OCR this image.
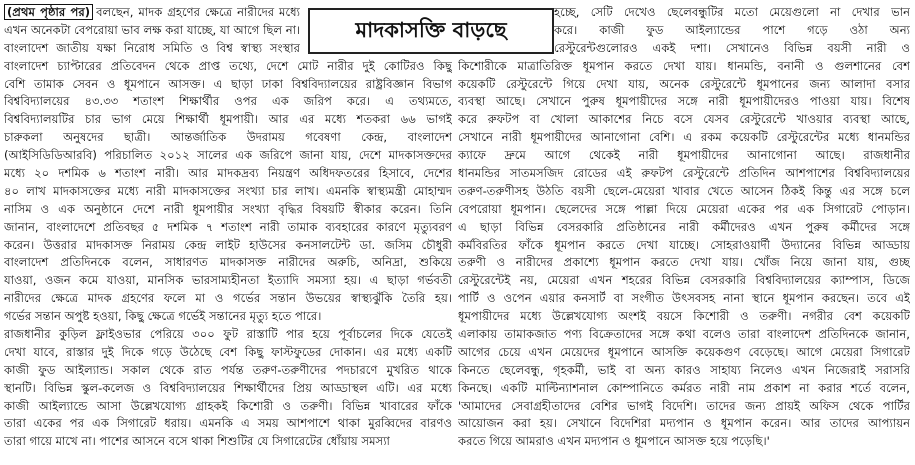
মাদকাসক্তি বাড়ছে
(প্রথম পৃষ্ঠার পর) বলছেন, মাদক গ্রহণের ক্ষেত্রে নারীদের মধ্যে
এখন অনেকটা বেপরোয়া ভাব লক্ষ করা যাচ্ছে, যা আগে ছিল না।
বাংলাদেশ জাতীয় যক্ষা নিরোধ সমিতি ও বিশ্ব স্বাস্থ্য সংস্থার
বাংলাদেশ চ্যাপ্টারের প্রতিবেদন থেকে প্রাপ্ত তথ্যে, দেশে মোট নারীর দুই কোটিরও কিছু
বেশি তামাক সেবন ও ধূমপানে আসক্ত। এ ছাড়া ঢাকা বিশ্ববিদ্যালয়ের রাষ্ট্রবিজ্ঞান বিভাগ
বিশ্ববিদ্যালয়ের ৪৩.৩৩ শতাংশ শিক্ষার্থীর ওপর এক জরিপ করে। এ তথ্যমতে,
বিশ্ববিদ্যালয়টির চার ভাগ মেয়ে শিক্ষার্থী ধূমপায়ী। আর এর মধ্যে শতকরা ৬৬ ভাগই
চারুকলা অনুষদের ছাত্রী। আন্তর্জাতিক উদরাময় গবেষণা কেন্দ্র, বাংলাদেশ
(আইসিডিডিআরবি) পরিচালিত ২০১২ সালের এক জরিপে জানা যায়, দেশে মাদকাসক্তদের
মধ্যে ২০ দশমিক ৬ শতাংশ নারী। আর মাদকদ্রব্য নিয়ন্ত্রণ অধিদফতরের হিসাবে, দেশের
৪০ লাখ মাদকাসক্তের মধ্যে নারী মাদকাসক্তের সংখ্যা চার লাখ। এমনকি স্বাস্থ্যমন্ত্রী মোহাম্মদ
নাসিম ও এক অনুষ্ঠানে দেশে নারী ধূমপায়ীর সংখ্যা বৃদ্ধির বিষয়টি স্বীকার করেন। তিনি
জানান, বাংলাদেশে প্রতিবছর ৫ দশমিক ৭ শতাংশ নারী তামাক ব্যবহারের কারণে মৃত্যুবরণ
করেন। উত্তরার মাদকাসক্ত নিরাময় কেন্দ্র লাইট হাউসের কনসালটেন্ট ডা. জসিম চৌধুরী
বাংলাদেশ প্রতিদিনকে বলেন, সাধারণত মাদকাসক্ত নারীদের অরুচি, অনিদ্রা, শুকিয়ে
যাওয়া, ওজন কমে যাওয়া, মানসিক ভারসাম্যহীনতা ইত্যাদি সমস্যা হয়। এ ছাড়া গর্ভবতী
নারীদের ক্ষেত্রে মাদক গ্রহণের ফলে মা ও গর্ভের সন্তান উভয়ের স্বাস্থ্যঝুঁকি তৈরি হয়।
গর্ভের সন্তান অপুষ্ট হওয়া, কিছু ক্ষেত্রে গর্ভেই সন্তানের মৃত্যু হতে পারে।
রাজধানীর কুড়িল ফ্লাইওভার পেরিয়ে ৩০০ ফুট রাস্তাটি পার হয়ে পূর্বাচলের দিকে যেতেই
দেখা যাবে, রাস্তার দুই দিকে গড়ে উঠেছে বেশ কিছু ফাস্টফুডের দোকান। এর মধ্যে একটি
কাজী ফুড আইল্যান্ড। সকাল থেকে রাত পর্যন্ত তরুণ-তরুণীদের পদচারণে মুখরিত থাকে
স্থানটি। বিভিন্ন স্কুল-কলেজ ও বিশ্ববিদ্যালয়ের শিক্ষার্থীদের প্রিয় আড্ডাস্থল এটি। এর মধ্যে
কাজী আইল্যান্ডে আসা উল্লেখযোগ্য গ্রাহকই কিশোরী ও তরুণী। বিভিন্ন খাবারের ফাঁকে
তারা একের পর এক সিগারেট ধরায়। এমনকি এ সময় আশপাশে থাকা মুরব্বিদের বারণও
তারা গায়ে মাখে না। পাশের আসনে বসে থাকা শিশুটির যে সিগারেটের ধোঁয়ায় সমস্যা
হচ্ছে, সেটি দেখেও ছেলেবন্ধুটির মতো মেয়েগুলো না দেখার ভান
করে। কাজী ফুড আইল্যান্ডের পাশে গড়ে ওঠা অন্য
রেস্টুরেন্টগুলোরও একই দশা। সেখানেও বিভিন্ন বয়সী নারী ও
কিশোরীকে মাত্রাতিরিক্ত ধূমপান করতে দেখা যায়। ধানমন্ডি, বনানী ও গুলশানের বেশ
কয়েকটি রেস্টুরেন্টে গিয়ে দেখা যায়, অনেক রেস্টুরেন্টে ধূমপানের জন্য আলাদা বসার
ব্যবস্থা আছে। সেখানে পুরুষ ধূমপায়ীদের সঙ্গে নারী ধূমপায়ীদেরও পাওয়া যায়। বিশেষ
করে রুফটপ বা খোলা আকাশের নিচে বসে যেসব রেস্টুরেন্টে খাওয়ার ব্যবস্থা আছে,
সেখানে নারী ধূমপায়ীদের আনাগোনা বেশি। এ রকম কয়েকটি রেস্টুরেন্টের মধ্যে ধানমন্ডির
ক্যাফে দ্রুমে আগে থেকেই নারী ধূমপায়ীদের আনাগোনা আছে। রাজধানীর
ধানমন্ডির সাতমসজিদ রোডের এই রুফটপ রেস্টুরেন্টে প্রতিদিন আশপাশের বিশ্ববিদ্যালয়ের
তরুণ-তরুণীসহ উঠতি বয়সী ছেলে-মেয়েরা খাবার খেতে আসেন ঠিকই কিন্তু এর সঙ্গে চলে
বেপরোয়া ধূমপান। ছেলেদের সঙ্গে পাল্লা দিয়ে মেয়েরা একের পর এক সিগারেট পোড়ান।
এ ছাড়া বিভিন্ন বেসরকারি প্রতিষ্ঠানের নারী কর্মীদেরও এখন পুরুষ কর্মীদের সঙ্গে
কর্মবিরতির ফাঁকে ধূমপান করতে দেখা যাচ্ছে। সোহরাওয়ার্দী উদ্যানের বিভিন্ন আড্ডায়
তরুণী ও নারীদের প্রকাশ্যে ধূমপান করতে দেখা যায়। খোঁজ নিয়ে জানা যায়, গুচ্ছ
রেস্টুরেন্টেই নয়, মেয়েরা এখন শহরের বিভিন্ন বেসরকারি বিশ্ববিদ্যালয়ের ক্যাম্পাস, ডিজে
পার্টি ও ওপেন এয়ার কনসার্ট বা সংগীত উৎসবসহ নানা স্থানে ধূমপান করছেন। তবে এই
ধূমপায়ীদের মধ্যে উল্লেখযোগ্য অংশই বয়সে কিশোরী ও তরুণী। নগরীর বেশ কয়েকটি
এলাকায় তামাকজাত পণ্য বিক্রেতাদের সঙ্গে কথা বলেও তারা বাংলাদেশ প্রতিদিনকে জানান,
আগের চেয়ে এখন মেয়েদের ধূমপানে আসক্তি কয়েকগুণ বেড়েছে। আগে মেয়েরা সিগারেট
কিনতে ছেলেবন্ধু, গৃহকর্মী, ভাই বা অন্য কারও সাহায্য নিলেও এখন নিজেরাই সরাসরি
কিনছে। একটি মাল্টিন্যাশনাল কোম্পানিতে কর্মরত নারী নাম প্রকাশ না করার শর্তে বলেন,
'আমাদের সেবাগ্রহীতাদের বেশির ভাগই বিদেশি। তাদের জন্য প্রায়ই অফিস থেকে পার্টির
আয়োজন করা হয়। সেখানে বিদেশিরা মদ্যপান ও ধূমপান করেন। আর তাদের আপ্যায়ন
করতে গিয়ে আমরাও এখন মদ্যপান ও ধূমপানে আসক্ত হয়ে পড়েছি।'
